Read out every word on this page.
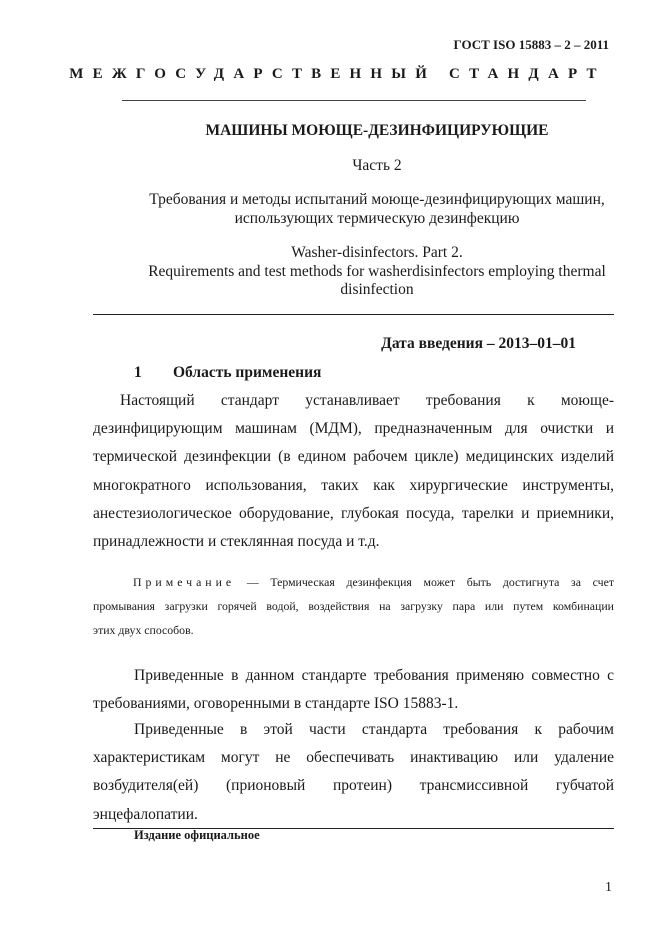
ГОСТ ISO 15883 – 2 – 2011
МЕЖГОСУДАРСТВЕННЫЙ СТАНДАРТ
МАШИНЫ МОЮЩЕ-ДЕЗИНФИЦИРУЮЩИЕ
Часть 2
Требования и методы испытаний моюще-дезинфицирующих машин,
использующих термическую дезинфекцию
Washer-disinfectors. Part 2.
Requirements and test methods for washerdisinfectors employing thermal
disinfection
Дата введения – 2013–01–01
1 Область применения
Настоящий стандарт устанавливает требования к моюще-
дезинфицирующим машинам (МДМ), предназначенным для очистки и
термической дезинфекции (в едином рабочем цикле) медицинских изделий
многократного использования, таких как хирургические инструменты,
анестезиологическое оборудование, глубокая посуда, тарелки и приемники,
принадлежности и стеклянная посуда и т.д.
Примечание — Термическая дезинфекция может быть достигнута за счет
промывания загрузки горячей водой, воздействия на загрузку пара или путем комбинации
этих двух способов.
Приведенные в данном стандарте требования применяю совместно с
требованиями, оговоренными в стандарте ISO 15883-1.
Приведенные в этой части стандарта требования к рабочим
характеристикам могут не обеспечивать инактивацию или удаление
возбудителя(ей) (прионовый протеин) трансмиссивной губчатой
энцефалопатии.
Издание официальное
1
